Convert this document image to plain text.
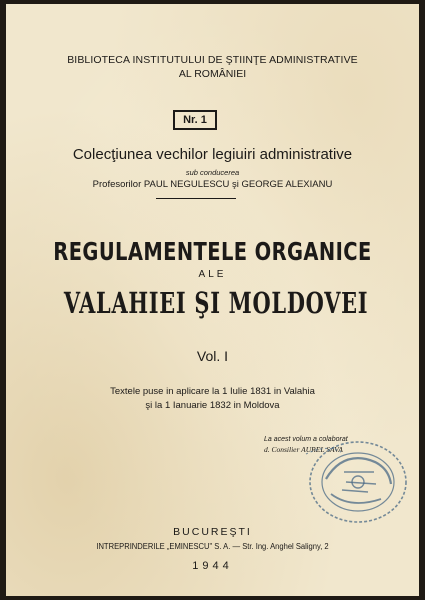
BIBLIOTECA INSTITUTULUI DE ŞTIINŢE ADMINISTRATIVE
AL ROMÂNIEI
Nr. 1
Colecţiunea vechilor legiuiri administrative
sub conducerea
Profesorilor PAUL NEGULESCU şi GEORGE ALEXIANU
REGULAMENTELE ORGANICE
ALE
VALAHIEI ŞI MOLDOVEI
Vol. I
Textele puse in aplicare la 1 Iulie 1831 in Valahia
şi la 1 Ianuarie 1832 in Moldova
La acest volum a colaborat
d. Consilier AUREL SAVA
BUCUREŞTI
INTREPRINDERILE „EMINESCU" S. A. — Str. Ing. Anghel Saligny, 2
1944
